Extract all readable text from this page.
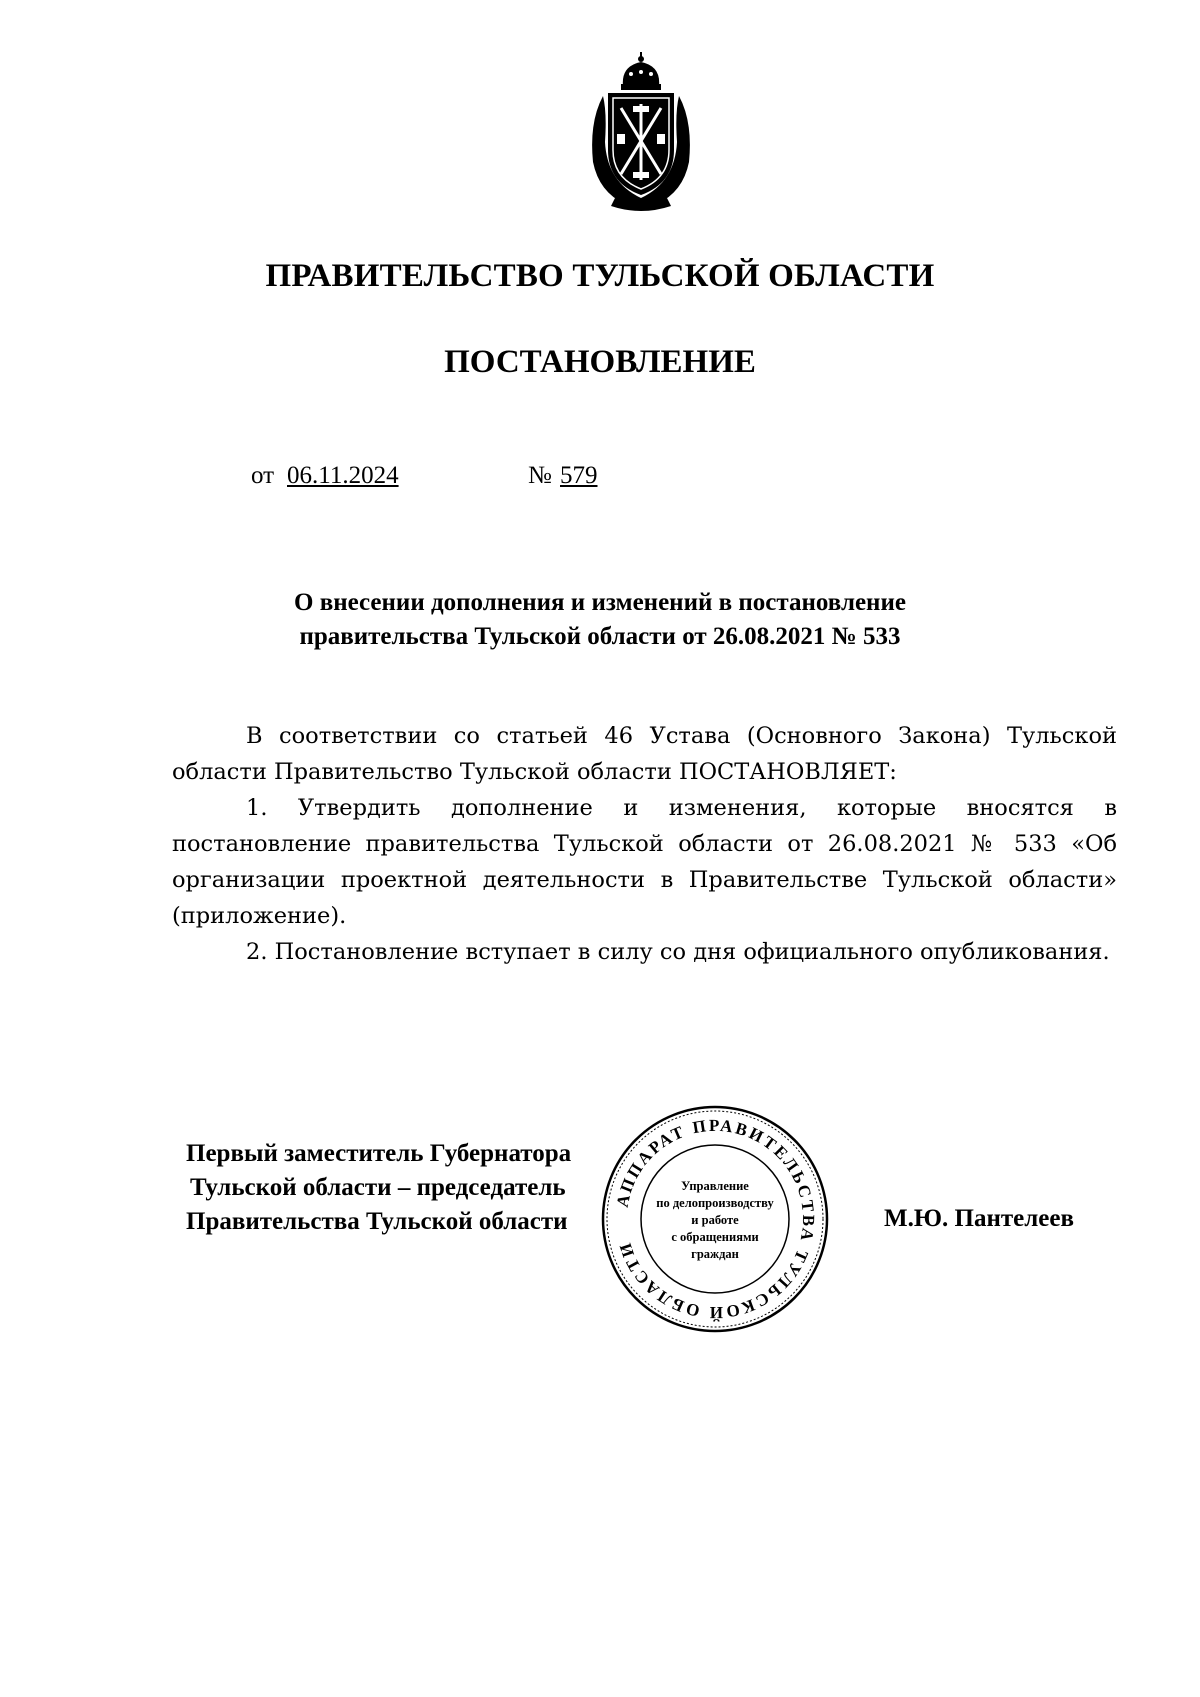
ПРАВИТЕЛЬСТВО ТУЛЬСКОЙ ОБЛАСТИ
ПОСТАНОВЛЕНИЕ
от 06.11.2024	№ 579
О внесении дополнения и изменений в постановление
правительства Тульской области от 26.08.2021 № 533

В соответствии со статьей 46 Устава (Основного Закона) Тульской области Правительство Тульской области ПОСТАНОВЛЯЕТ:

1. Утвердить дополнение и изменения, которые вносятся в постановление правительства Тульской области от 26.08.2021 № 533 «Об организации проектной деятельности в Правительстве Тульской области» (приложение).

2. Постановление вступает в силу со дня официального опубликования.

Первый заместитель Губернатора
Тульской области – председатель
Правительства Тульской области	М.Ю. Пантелеев
АППАРАТ ПРАВИТЕЛЬСТВА ТУЛЬСКОЙ ОБЛАСТИ
Управление
по делопроизводству
и работе
с обращениями
граждан
